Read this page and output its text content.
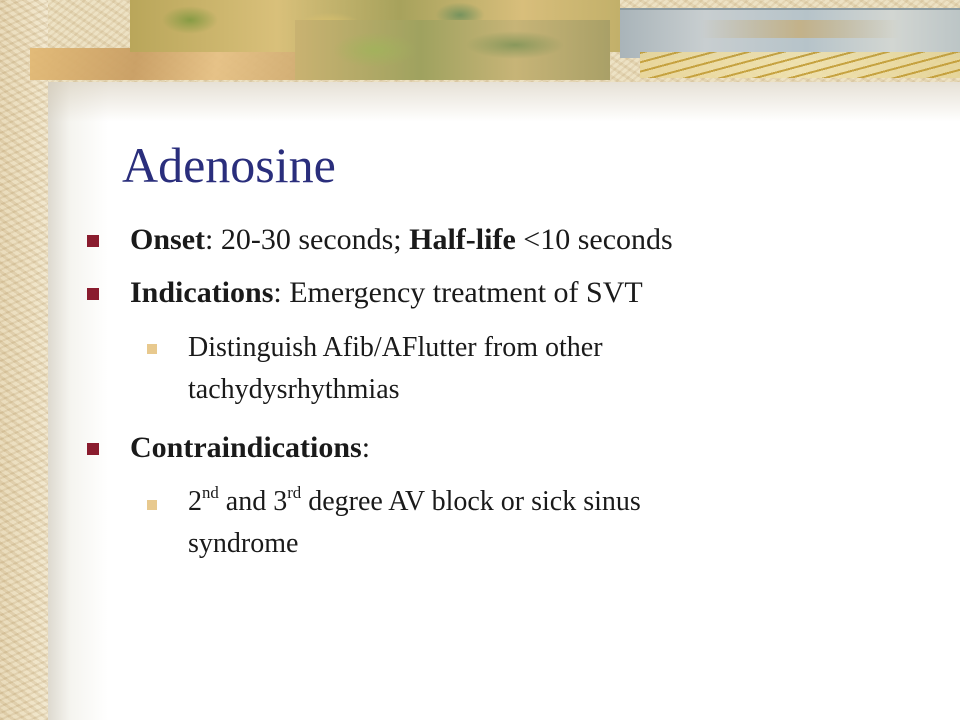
Adenosine
Onset: 20-30 seconds; Half-life <10 seconds
Indications: Emergency treatment of SVT
Distinguish Afib/AFlutter from other
tachydysrhythmias
Contraindications:
2nd and 3rd degree AV block or sick sinus
syndrome
